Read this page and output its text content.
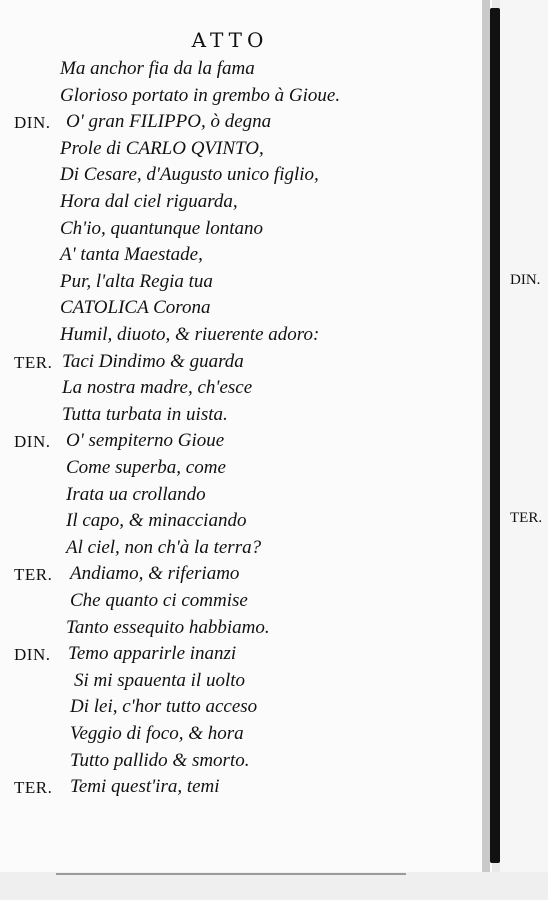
ATTO
Ma anchor fia da la fama
Glorioso portato in grembo à Gioue.
DIN. O' gran FILIPPO, ò degna
Prole di CARLO QVINTO,
Di Cesare, d'Augusto unico figlio,
Hora dal ciel riguarda,
Ch'io, quantunque lontano
A' tanta Maestade,
Pur, l'alta Regia tua
CATOLICA Corona
Humil, diuoto, & riuerente adoro:
TER. Taci Dindimo & guarda
La nostra madre, ch'esce
Tutta turbata in uista.
DIN. O' sempiterno Gioue
Come superba, come
Irata ua crollando
Il capo, & minacciando
Al ciel, non ch'à la terra?
TER. Andiamo, & riferiamo
Che quanto ci commise
Tanto essequito habbiamo.
DIN. Temo apparirle inanzi
Si mi spauenta il uolto
Di lei, c'hor tutto acceso
Veggio di foco, & hora
Tutto pallido & smorto.
TER. Temi quest'ira, temi
DIN.
TER.
